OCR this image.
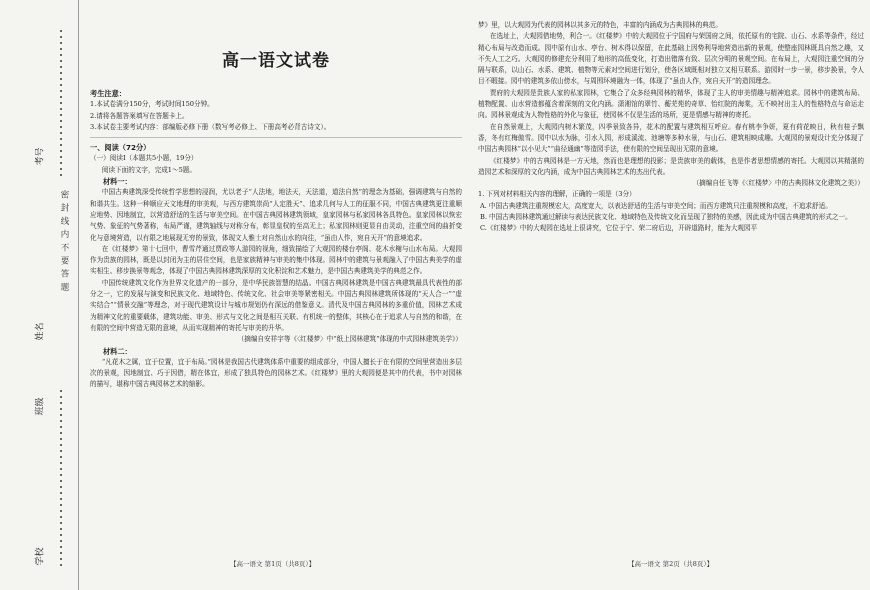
考号
姓名
班级
学校
密 封 线 内 不 要 答 题
高一语文试卷
考生注意：
1.本试卷满分150分，考试时间150分钟。
2.请将各题答案填写在答题卡上。
3.本试卷主要考试内容：部编版必修下册（数写考必修上、下册高考必背古诗文）。
一、阅读（72分）
（一）阅读Ⅰ（本题共5小题，19分）
阅读下面的文字，完成1～5题。
材料一：
中国古典建筑深受传统哲学思想的浸润，尤以老子“人法地，地法天，天法道，道法自然”的理念为基础，强调建筑与自然的和谐共生。这种一种顺应天文地理的审美观，与西方建筑崇尚“人定胜天”、追求几何与人工的征服不同，中国古典建筑更注重顺应地势、因地制宜，以营造舒适的生活与审美空间。在中国古典园林建筑领域，皇家园林与私家园林各具特色。皇家园林以恢宏气势、象征的气势著称，布局严谨，建筑轴线与对称分布，彰显皇权的至高无上；私家园林则更显自由灵动，注重空间的曲折变化与意境营造，以有限之地展现无穷的景致，体现文人雅士对自然山水的向往，“虽由人作，宛自天开”的意境追求。
在《红楼梦》第十七回中，曹雪芹通过贾政等人游园的视角，细致描绘了大观园的楼台亭阁、花木水榭与山水布局。大观园作为贵族的园林，既是以封闭为主的居住空间，也是家族精神与审美的集中体现。园林中的建筑与景观融入了中国古典美学的虚实相生、移步换景等观念，体现了中国古典园林建筑深厚的文化积淀和艺术魅力，是中国古典建筑美学的典范之作。
中国传统建筑文化作为世界文化遗产的一部分，是中华民族智慧的结晶。中国古典园林建筑是中国古典建筑最具代表性的部分之一，它的发展与演变和民族文化、地域特色、传统文化、社会审美等紧密相关。中国古典园林建筑所体现的“天人合一”“虚实结合”“情景交融”等理念，对于现代建筑设计与城市规划仍有深远的借鉴意义。清代及中国古典园林的多重价值，园林艺术成为精神文化的重要载体，建筑功能、审美、形式与文化之间是相互关联、有机统一的整体，其核心在于追求人与自然的和谐，在有限的空间中营造无限的意境，从而实现精神的寄托与审美的升华。
（摘编自安祥宇等《〈红楼梦〉中“纸上园林建筑”体现的中式园林建筑美学》）
材料二：
“凡花木之属，宜于位置，宜于布局。”园林是我国古代建筑体系中重要的组成部分，中国人擅长于在有限的空间里营造出多层次的景观，因地制宜、巧于因借，精在体宜，形成了独具特色的园林艺术。《红楼梦》里的大观园便是其中的代表，书中对园林的描写，堪称中国古典园林艺术的缩影。
【高一语文 第1页（共8页）】
梦》里，以大观园为代表的园林以其多元的特色，丰富的内涵成为古典园林的典范。
在选址上，大观园借地势，利合一。《红楼梦》中的大观园位于宁国府与荣国府之间，依托原有的宅院、山石、水系等条件，经过精心布局与改造而成。园中原有山水、亭台、树木得以保留，在此基础上因势利导地营造出新的景观，使整座园林既具自然之趣，又不失人工之巧。大观园的修建充分利用了地形的高低变化，打造出错落有致、层次分明的景观空间。在布局上，大观园注重空间的分隔与联系，以山石、水系、建筑、植物等元素对空间进行划分，使各区域既相对独立又相互联系。游园时一步一景，移步换景，令人目不暇接。园中的建筑多依山傍水，与周围环境融为一体，体现了“虽由人作，宛自天开”的造园理念。
贾府的大观园是贵族人家的私家园林，它集合了众多经典园林的精华，体现了主人的审美情趣与精神追求。园林中的建筑布局、植物配置、山水营造都蕴含着深刻的文化内涵。潇湘馆的翠竹、蘅芜苑的奇草、怡红院的海棠，无不映衬出主人的性格特点与命运走向。园林景观成为人物性格的外化与象征，使园林不仅是生活的场所，更是情感与精神的寄托。
在自然景观上，大观园内树木繁茂，四季景致各异，花木的配置与建筑相互呼应。春有桃李争妍，夏有荷花映日，秋有桂子飘香，冬有红梅傲雪。园中以水为脉，引水入园，形成溪流、池塘等多种水景，与山石、建筑相映成趣。大观园的景观设计充分体现了中国古典园林“以小见大”“曲径通幽”等造园手法，使有限的空间呈现出无限的意境。
《红楼梦》中的古典园林是一方天地，然而也是理想的投影；是贵族审美的载体，也是作者思想情感的寄托。大观园以其精湛的造园艺术和深厚的文化内涵，成为中国古典园林艺术的杰出代表。
（摘编自任飞等《〈红楼梦〉中的古典园林文化建筑之美》）
1. 下列对材料相关内容的理解，正确的一项是（3分）
A. 中国古典建筑注重规模宏大，高度宽大，以表达舒适的生活与审美空间；而西方建筑只注重规模和高度，不追求舒适。
B. 中国古典园林建筑通过解读与表达民族文化、地域特色及传统文化而呈现了独特的美感，因此成为中国古典建筑的形式之一。
C.《红楼梦》中的大观园在选址上很讲究，它位于宁、荣二府后边，开辟道路时，能为大观园平
【高一语文 第2页（共8页）】
